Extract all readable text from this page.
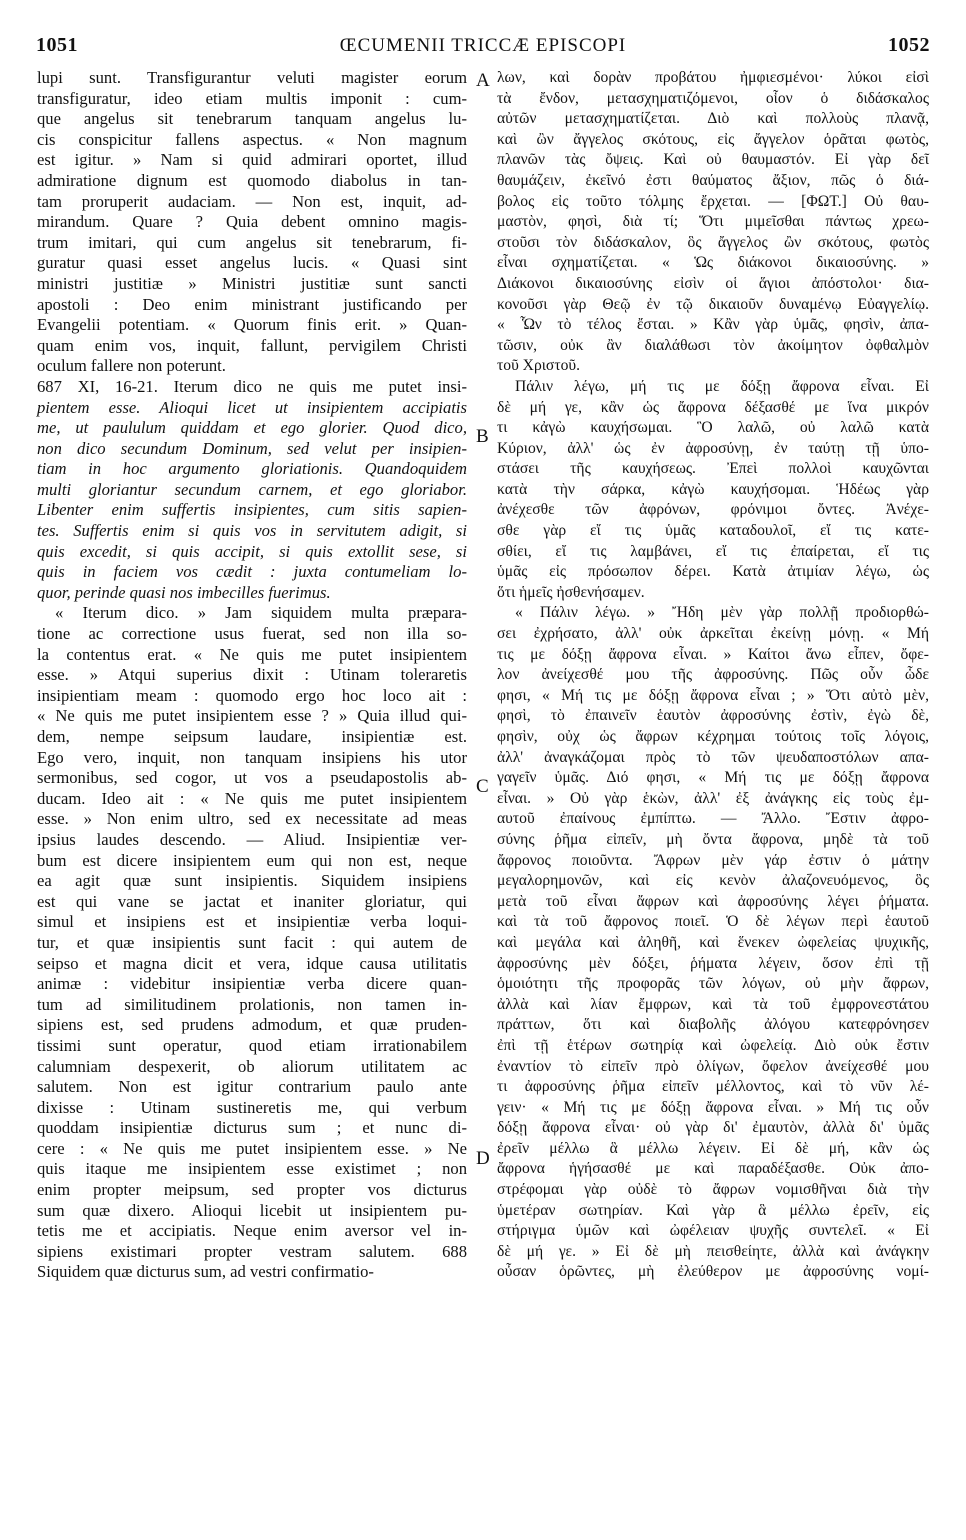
1051	ŒCUMENII TRICCÆ EPISCOPI	1052
lupi sunt. Transfigurantur veluti magister eorum
transfiguratur, ideo etiam multis imponit : cum-
que angelus sit tenebrarum tanquam angelus lu-
cis conspicitur fallens aspectus. « Non magnum
est igitur. » Nam si quid admirari oportet, illud
admiratione dignum est quomodo diabolus in tan-
tam proruperit audaciam. — Non est, inquit, ad-
mirandum. Quare ? Quia debent omnino magis-
trum imitari, qui cum angelus sit tenebrarum, fi-
guratur quasi esset angelus lucis. « Quasi sint
ministri justitiæ » Ministri justitiæ sunt sancti
apostoli : Deo enim ministrant justificando per
Evangelii potentiam. « Quorum finis erit. » Quan-
quam enim vos, inquit, fallunt, pervigilem Christi
oculum fallere non poterunt.
687 XI, 16-21. Iterum dico ne quis me putet insi-
pientem esse. Alioqui licet ut insipientem accipiatis
me, ut paululum quiddam et ego glorier. Quod dico,
non dico secundum Dominum, sed velut per insipien-
tiam in hoc argumento gloriationis. Quandoquidem
multi gloriantur secundum carnem, et ego gloriabor.
Libenter enim suffertis insipientes, cum sitis sapien-
tes. Suffertis enim si quis vos in servitutem adigit, si
quis excedit, si quis accipit, si quis extollit sese, si
quis in faciem vos cædit : juxta contumeliam lo-
quor, perinde quasi nos imbecilles fuerimus.
« Iterum dico. » Jam siquidem multa præpara-
tione ac correctione usus fuerat, sed non illa so-
la contentus erat. « Ne quis me putet insipientem
esse. » Atqui superius dixit : Utinam toleraretis
insipientiam meam : quomodo ergo hoc loco ait :
« Ne quis me putet insipientem esse ? » Quia illud qui-
dem, nempe seipsum laudare, insipientiæ est.
Ego vero, inquit, non tanquam insipiens his utor
sermonibus, sed cogor, ut vos a pseudapostolis ab-
ducam. Ideo ait : « Ne quis me putet insipientem
esse. » Non enim ultro, sed ex necessitate ad meas
ipsius laudes descendo. — Aliud. Insipientiæ ver-
bum est dicere insipientem eum qui non est, neque
ea agit quæ sunt insipientis. Siquidem insipiens
est qui vane se jactat et inaniter gloriatur, qui
simul et insipiens est et insipientiæ verba loqui-
tur, et quæ insipientis sunt facit : qui autem de
seipso et magna dicit et vera, idque causa utilitatis
animæ : videbitur insipientiæ verba dicere quan-
tum ad similitudinem prolationis, non tamen in-
sipiens est, sed prudens admodum, et quæ pruden-
tissimi sunt operatur, quod etiam irrationabilem
calumniam despexerit, ob aliorum utilitatem ac
salutem. Non est igitur contrarium paulo ante
dixisse : Utinam sustineretis me, qui verbum
quoddam insipientiæ dicturus sum ; et nunc di-
cere : « Ne quis me putet insipientem esse. » Ne
quis itaque me insipientem esse existimet ; non
enim propter meipsum, sed propter vos dicturus
sum quæ dixero. Alioqui licebit ut insipientem pu-
tetis me et accipiatis. Neque enim aversor vel in-
sipiens existimari propter vestram salutem. 688
Siquidem quæ dicturus sum, ad vestri confirmatio-
λων, καὶ δορὰν προβάτου ἠμφιεσμένοι· λύκοι εἰσὶ
τὰ ἔνδον, μετασχηματιζόμενοι, οἷον ὁ διδάσκαλος
αὐτῶν μετασχηματίζεται. Διὸ καὶ πολλοὺς πλανᾷ,
καὶ ὢν ἄγγελος σκότους, εἰς ἄγγελον ὁρᾶται φωτὸς,
πλανῶν τὰς ὄψεις. Καὶ οὐ θαυμαστόν. Εἰ γὰρ δεῖ
θαυμάζειν, ἐκεῖνό ἐστι θαύματος ἄξιον, πῶς ὁ διά-
βολος εἰς τοῦτο τόλμης ἔρχεται. — [ΦΩΤ.] Οὐ θαυ-
μαστὸν, φησὶ, διὰ τί; Ὅτι μιμεῖσθαι πάντως χρεω-
στοῦσι τὸν διδάσκαλον, ὃς ἄγγελος ὢν σκότους, φωτὸς
εἶναι σχηματίζεται. « Ὡς διάκονοι δικαιοσύνης. »
Διάκονοι δικαιοσύνης εἰσὶν οἱ ἅγιοι ἀπόστολοι· δια-
κονοῦσι γὰρ Θεῷ ἐν τῷ δικαιοῦν δυναμένῳ Εὐαγγελίῳ.
« Ὧν τὸ τέλος ἔσται. » Κἂν γὰρ ὑμᾶς, φησὶν, ἀπα-
τῶσιν, οὐκ ἂν διαλάθωσι τὸν ἀκοίμητον ὀφθαλμὸν
τοῦ Χριστοῦ.
Πάλιν λέγω, μή τις με δόξῃ ἄφρονα εἶναι. Εἰ
δὲ μή γε, κἂν ὡς ἄφρονα δέξασθέ με ἵνα μικρόν
τι κἀγὼ καυχήσωμαι. Ὃ λαλῶ, οὐ λαλῶ κατὰ
Κύριον, ἀλλ' ὡς ἐν ἀφροσύνῃ, ἐν ταύτῃ τῇ ὑπο-
στάσει τῆς καυχήσεως. Ἐπεὶ πολλοὶ καυχῶνται
κατὰ τὴν σάρκα, κἀγὼ καυχήσομαι. Ἡδέως γὰρ
ἀνέχεσθε τῶν ἀφρόνων, φρόνιμοι ὄντες. Ἀνέχε-
σθε γὰρ εἴ τις ὑμᾶς καταδουλοῖ, εἴ τις κατε-
σθίει, εἴ τις λαμβάνει, εἴ τις ἐπαίρεται, εἴ τις
ὑμᾶς εἰς πρόσωπον δέρει. Κατὰ ἀτιμίαν λέγω, ὡς
ὅτι ἡμεῖς ἠσθενήσαμεν.
« Πάλιν λέγω. » Ἤδη μὲν γὰρ πολλῇ προδιορθώ-
σει ἐχρήσατο, ἀλλ' οὐκ ἀρκεῖται ἐκείνῃ μόνῃ. « Μή
τις με δόξῃ ἄφρονα εἶναι. » Καίτοι ἄνω εἶπεν, ὄφε-
λον ἀνείχεσθέ μου τῆς ἀφροσύνης. Πῶς οὖν ὧδε
φησι, « Μή τις με δόξῃ ἄφρονα εἶναι ; » Ὅτι αὐτὸ μὲν,
φησὶ, τὸ ἐπαινεῖν ἑαυτὸν ἀφροσύνης ἐστὶν, ἐγὼ δὲ,
φησὶν, οὐχ ὡς ἄφρων κέχρημαι τούτοις τοῖς λόγοις,
ἀλλ' ἀναγκάζομαι πρὸς τὸ τῶν ψευδαποστόλων απα-
γαγεῖν ὑμᾶς. Διό φησι, « Μή τις με δόξῃ ἄφρονα
εἶναι. » Οὐ γὰρ ἑκὼν, ἀλλ' ἐξ ἀνάγκης εἰς τοὺς ἐμ-
αυτοῦ ἐπαίνους ἐμπίπτω. — Ἄλλο. Ἔστιν ἀφρο-
σύνης ῥῆμα εἰπεῖν, μὴ ὄντα ἄφρονα, μηδὲ τὰ τοῦ
ἄφρονος ποιοῦντα. Ἄφρων μὲν γάρ ἐστιν ὁ μάτην
μεγαλορημονῶν, καὶ εἰς κενὸν ἀλαζονευόμενος, ὃς
μετὰ τοῦ εἶναι ἄφρων καὶ ἀφροσύνης λέγει ῥήματα.
καὶ τὰ τοῦ ἄφρονος ποιεῖ. Ὁ δὲ λέγων περὶ ἑαυτοῦ
καὶ μεγάλα καὶ ἀληθῆ, καὶ ἕνεκεν ὠφελείας ψυχικῆς,
ἀφροσύνης μὲν δόξει, ῥήματα λέγειν, ὅσον ἐπὶ τῇ
ὁμοιότητι τῆς προφορᾶς τῶν λόγων, οὐ μὴν ἄφρων,
ἀλλὰ καὶ λίαν ἔμφρων, καὶ τὰ τοῦ ἐμφρονεστάτου
πράττων, ὅτι καὶ διαβολῆς ἀλόγου κατεφρόνησεν
ἐπὶ τῇ ἑτέρων σωτηρίᾳ καὶ ὠφελείᾳ. Διὸ οὐκ ἔστιν
ἐναντίον τὸ εἰπεῖν πρὸ ὀλίγων, ὄφελον ἀνείχεσθέ μου
τι ἀφροσύνης ῥῆμα εἰπεῖν μέλλοντος, καὶ τὸ νῦν λέ-
γειν· « Μή τις με δόξῃ ἄφρονα εἶναι. » Μή τις οὖν
δόξῃ ἄφρονα εἶναι· οὐ γὰρ δι' ἐμαυτὸν, ἀλλὰ δι' ὑμᾶς
ἐρεῖν μέλλω ἃ μέλλω λέγειν. Εἰ δὲ μή, κἂν ὡς
ἄφρονα ἡγήσασθέ με καὶ παραδέξασθε. Οὐκ ἀπο-
στρέφομαι γὰρ οὐδὲ τὸ ἄφρων νομισθῆναι διὰ τὴν
ὑμετέραν σωτηρίαν. Καὶ γὰρ ἃ μέλλω ἐρεῖν, εἰς
στήριγμα ὑμῶν καὶ ὠφέλειαν ψυχῆς συντελεῖ. « Εἰ
δὲ μή γε. » Εἰ δὲ μὴ πεισθείητε, ἀλλὰ καὶ ἀνάγκην
οὖσαν ὁρῶντες, μὴ ἐλεύθερον με ἀφροσύνης νομί-
A
B
C
D
